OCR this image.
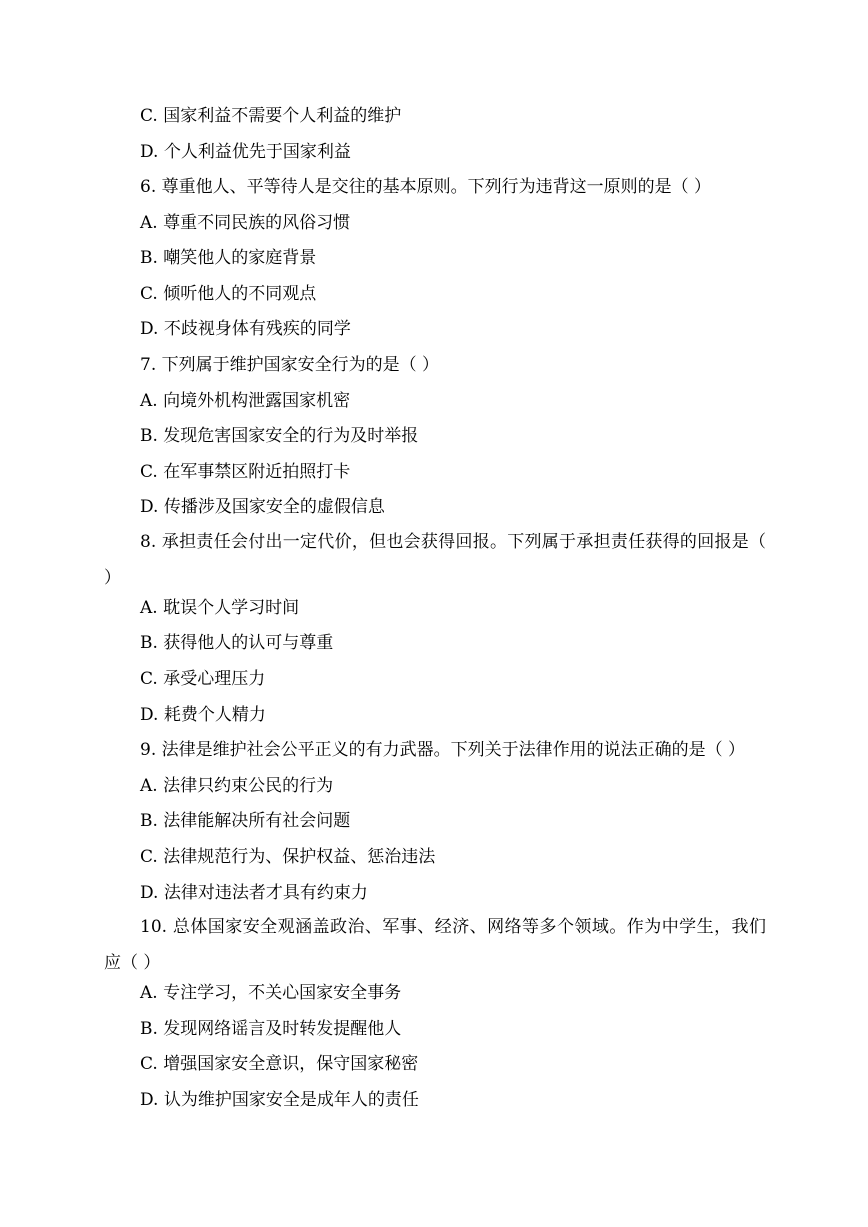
C. 国家利益不需要个人利益的维护
D. 个人利益优先于国家利益
6. 尊重他人、平等待人是交往的基本原则。下列行为违背这一原则的是（ ）
A. 尊重不同民族的风俗习惯
B. 嘲笑他人的家庭背景
C. 倾听他人的不同观点
D. 不歧视身体有残疾的同学
7. 下列属于维护国家安全行为的是（ ）
A. 向境外机构泄露国家机密
B. 发现危害国家安全的行为及时举报
C. 在军事禁区附近拍照打卡
D. 传播涉及国家安全的虚假信息
8. 承担责任会付出一定代价，但也会获得回报。下列属于承担责任获得的回报是（ ）
A. 耽误个人学习时间
B. 获得他人的认可与尊重
C. 承受心理压力
D. 耗费个人精力
9. 法律是维护社会公平正义的有力武器。下列关于法律作用的说法正确的是（ ）
A. 法律只约束公民的行为
B. 法律能解决所有社会问题
C. 法律规范行为、保护权益、惩治违法
D. 法律对违法者才具有约束力
10. 总体国家安全观涵盖政治、军事、经济、网络等多个领域。作为中学生，我们应（ ）
A. 专注学习，不关心国家安全事务
B. 发现网络谣言及时转发提醒他人
C. 增强国家安全意识，保守国家秘密
D. 认为维护国家安全是成年人的责任
